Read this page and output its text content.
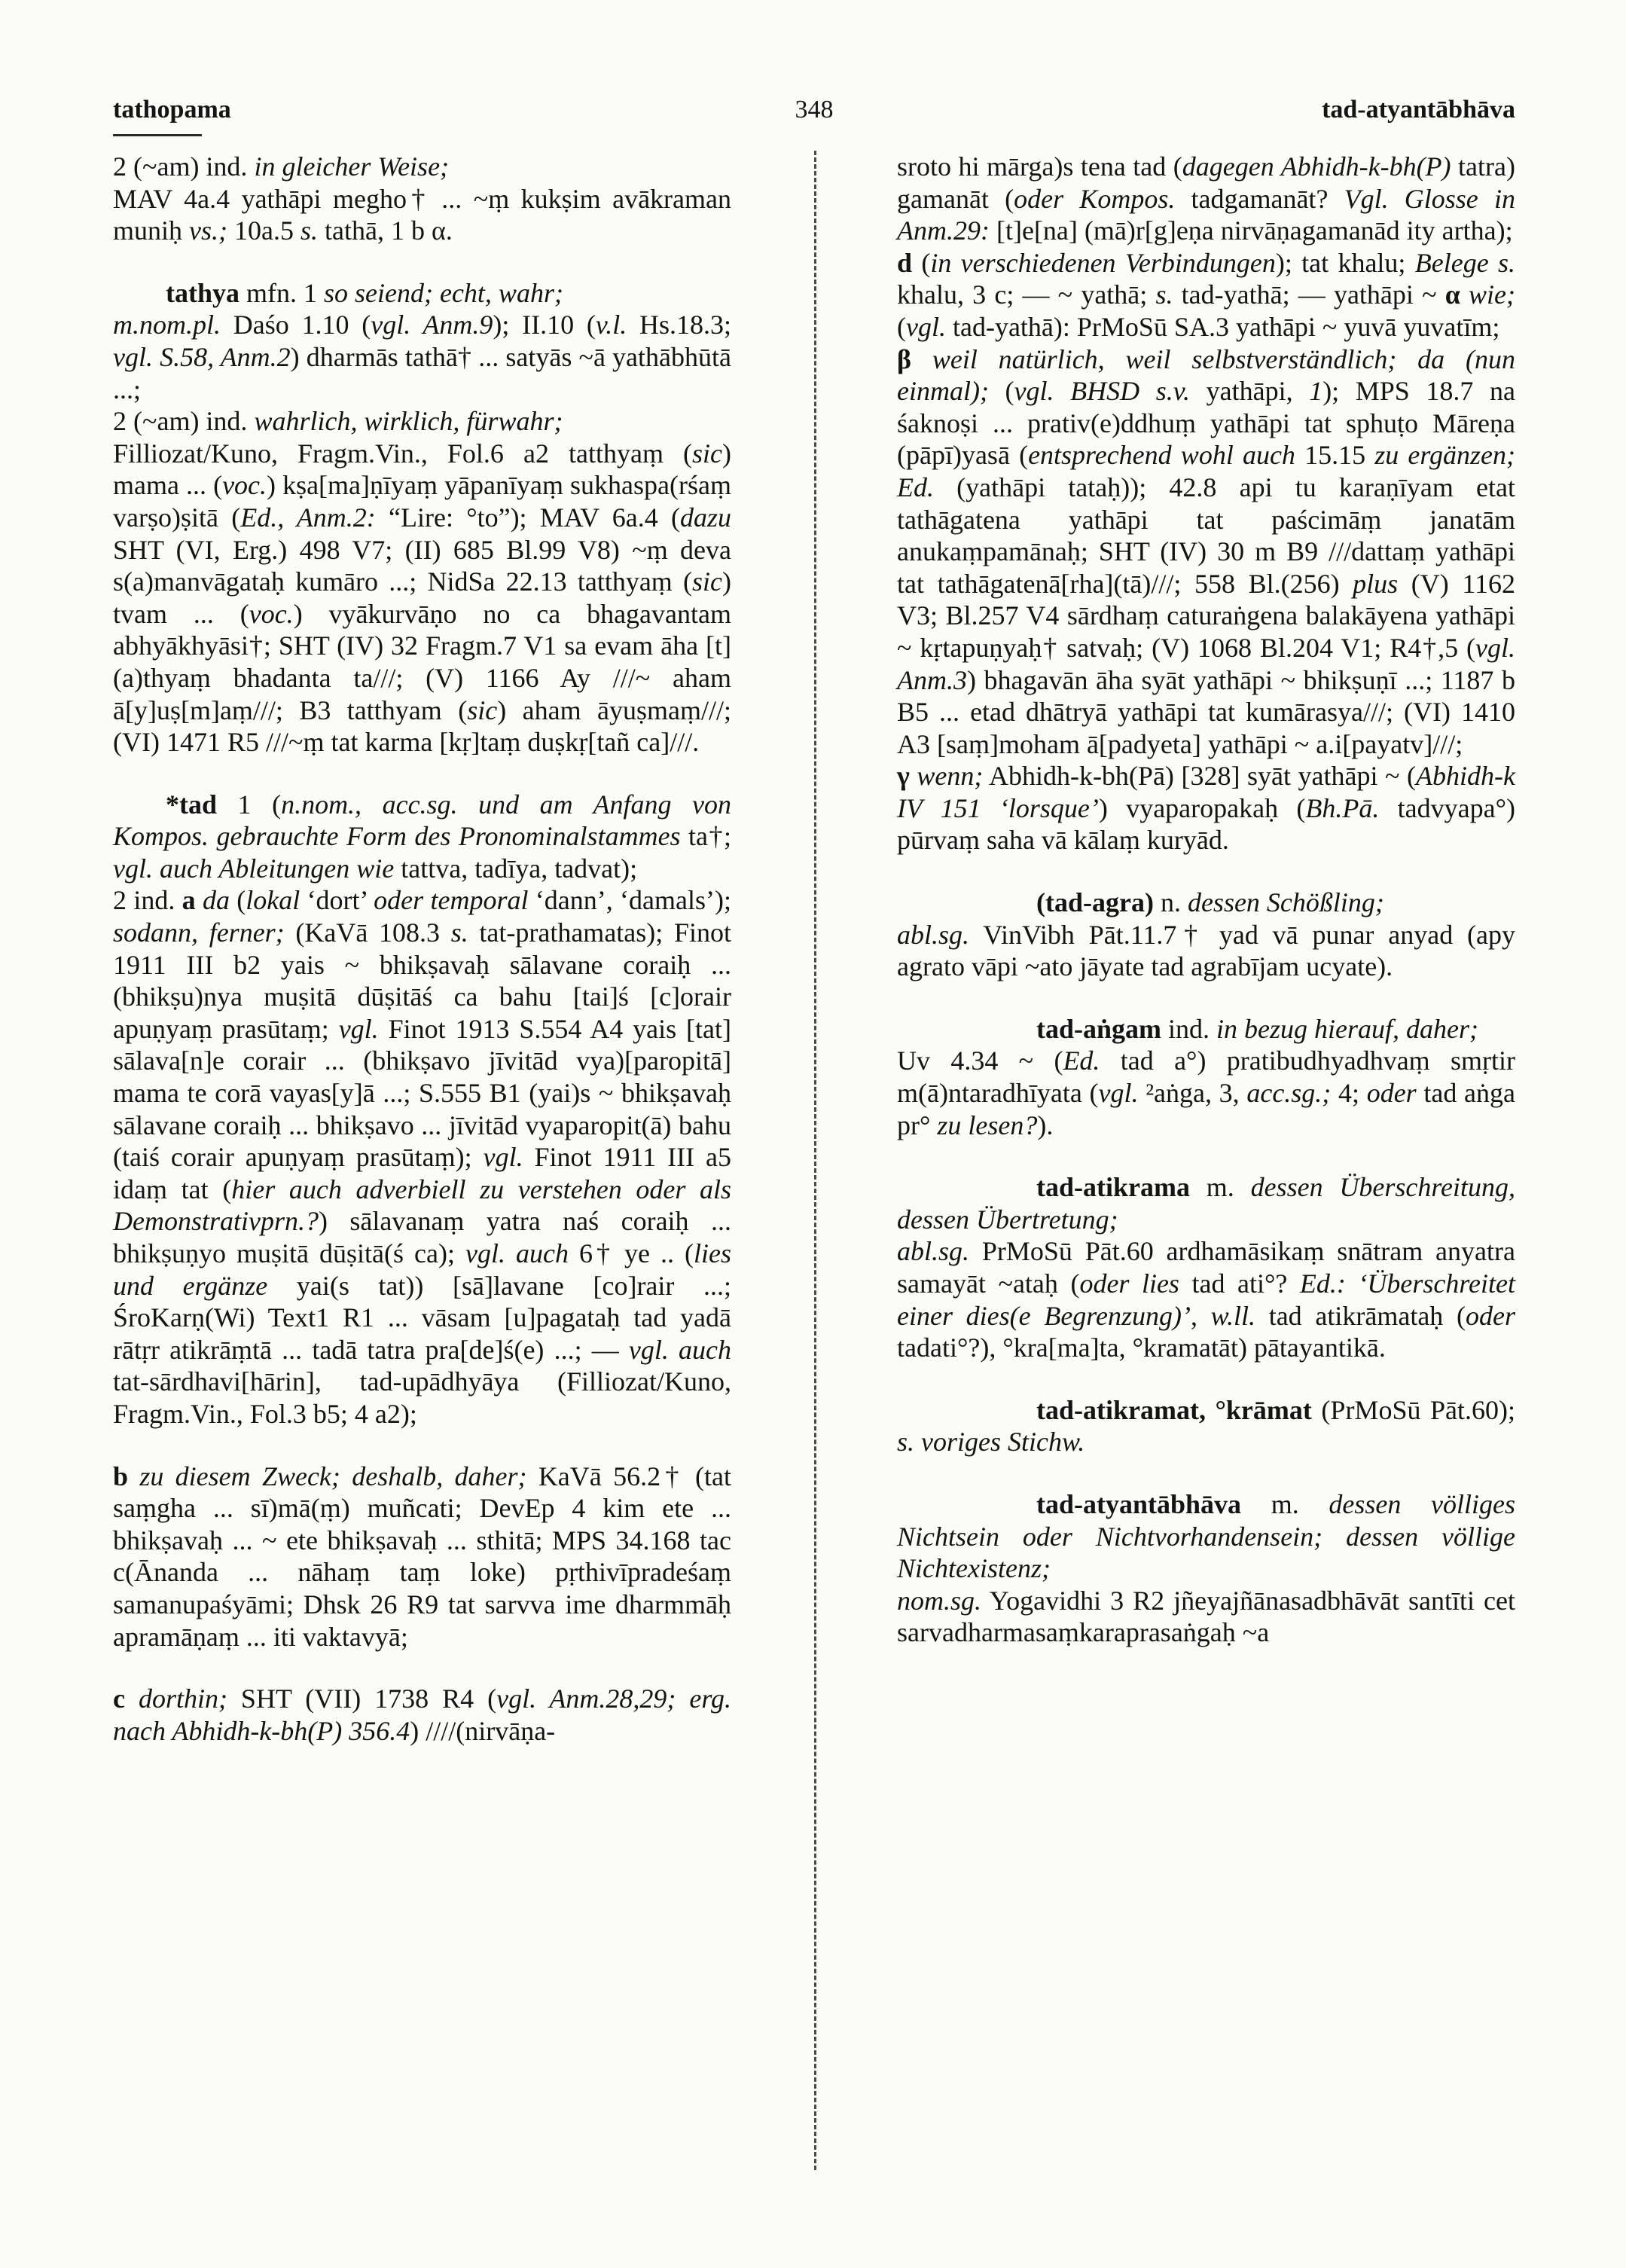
tathopama	348	tad-atyantābhāva

2 (~am) ind. in gleicher Weise;

MAV 4a.4 yathāpi megho† ... ~ṃ kukṣim avākraman muniḥ vs.; 10a.5 s. tathā, 1 b α.

tathya mfn. 1 so seiend; echt, wahr;

m.nom.pl. Daśo 1.10 (vgl. Anm.9); II.10 (v.l. Hs.18.3; vgl. S.58, Anm.2) dharmās tathā† ... satyās ~ā yathābhūtā ...;

2 (~am) ind. wahrlich, wirklich, fürwahr;

Filliozat/Kuno, Fragm.Vin., Fol.6 a2 tatthyaṃ (sic) mama ... (voc.) kṣa[ma]ṇīyaṃ yāpanīyaṃ sukhaspa(rśaṃ varṣo)ṣitā (Ed., Anm.2: “Lire: °to”); MAV 6a.4 (dazu SHT (VI, Erg.) 498 V7; (II) 685 Bl.99 V8) ~ṃ deva s(a)manvāgataḥ kumāro ...; NidSa 22.13 tatthyaṃ (sic) tvam ... (voc.) vyākurvāṇo no ca bhagavantam abhyākhyāsi†; SHT (IV) 32 Fragm.7 V1 sa evam āha [t](a)thyaṃ bhadanta ta///; (V) 1166 Ay ///~ aham ā[y]uṣ[m]aṃ///; B3 tatthyam (sic) aham āyuṣmaṃ///; (VI) 1471 R5 ///~ṃ tat karma [kṛ]taṃ duṣkṛ[tañ ca]///.

*tad 1 (n.nom., acc.sg. und am Anfang von Kompos. gebrauchte Form des Pronominalstammes ta†; vgl. auch Ableitungen wie tattva, tadīya, tadvat);

2 ind. a da (lokal ‘dort’ oder temporal ‘dann’, ‘damals’); sodann, ferner; (KaVā 108.3 s. tat-prathamatas); Finot 1911 III b2 yais ~ bhikṣavaḥ sālavane coraiḥ ... (bhikṣu)nya muṣitā dūṣitāś ca bahu [tai]ś [c]orair apuṇyaṃ prasūtaṃ; vgl. Finot 1913 S.554 A4 yais [tat] sālava[n]e corair ... (bhikṣavo jīvitād vya)[paropitā] mama te corā vayas[y]ā ...; S.555 B1 (yai)s ~ bhikṣavaḥ sālavane coraiḥ ... bhikṣavo ... jīvitād vyaparopit(ā) bahu (taiś corair apuṇyaṃ prasūtaṃ); vgl. Finot 1911 III a5 idaṃ tat (hier auch adverbiell zu verstehen oder als Demonstrativprn.?) sālavanaṃ yatra naś coraiḥ ... bhikṣuṇyo muṣitā dūṣitā(ś ca); vgl. auch 6† ye .. (lies und ergänze yai(s tat)) [sā]lavane [co]rair ...; ŚroKarṇ(Wi) Text1 R1 ... vāsam [u]pagataḥ tad yadā rātṛr atikrāṃtā ... tadā tatra pra[de]ś(e) ...; — vgl. auch tat-sārdhavi[hārin], tad-upādhyāya (Filliozat/Kuno, Fragm.Vin., Fol.3 b5; 4 a2);

b zu diesem Zweck; deshalb, daher; KaVā 56.2† (tat saṃgha ... sī)mā(ṃ) muñcati; DevEp 4 kim ete ... bhikṣavaḥ ... ~ ete bhikṣavaḥ ... sthitā; MPS 34.168 tac c(Ānanda ... nāhaṃ taṃ loke) pṛthivīpradeśaṃ samanupaśyāmi; Dhsk 26 R9 tat sarvva ime dharmmāḥ apramāṇaṃ ... iti vaktavyā;

c dorthin; SHT (VII) 1738 R4 (vgl. Anm.28,29; erg. nach Abhidh-k-bh(P) 356.4) ////(nirvāṇa-

sroto hi mārga)s tena tad (dagegen Abhidh-k-bh(P) tatra) gamanāt (oder Kompos. tadgamanāt? Vgl. Glosse in Anm.29: [t]e[na] (mā)r[g]eṇa nirvāṇagamanād ity artha);

d (in verschiedenen Verbindungen); tat khalu; Belege s. khalu, 3 c; — ~ yathā; s. tad-yathā; — yathāpi ~ α wie; (vgl. tad-yathā): PrMoSū SA.3 yathāpi ~ yuvā yuvatīm;

β weil natürlich, weil selbstverständlich; da (nun einmal); (vgl. BHSD s.v. yathāpi, 1); MPS 18.7 na śaknoṣi ... prativ(e)ddhuṃ yathāpi tat sphuṭo Māreṇa (pāpī)yasā (entsprechend wohl auch 15.15 zu ergänzen; Ed. (yathāpi tataḥ)); 42.8 api tu karaṇīyam etat tathāgatena yathāpi tat paścimāṃ janatām anukaṃpamānaḥ; SHT (IV) 30 m B9 ///dattaṃ yathāpi tat tathāgatenā[rha](tā)///; 558 Bl.(256) plus (V) 1162 V3; Bl.257 V4 sārdhaṃ caturaṅgena balakāyena yathāpi ~ kṛtapuṇyaḥ† satvaḥ; (V) 1068 Bl.204 V1; R4†,5 (vgl. Anm.3) bhagavān āha syāt yathāpi ~ bhikṣuṇī ...; 1187 b B5 ... etad dhātryā yathāpi tat kumārasya///; (VI) 1410 A3 [saṃ]moham ā[padyeta] yathāpi ~ a.i[payatv]///;

γ wenn; Abhidh-k-bh(Pā) [328] syāt yathāpi ~ (Abhidh-k IV 151 ‘lorsque’) vyaparopakaḥ (Bh.Pā. tadvyapa°) pūrvaṃ saha vā kālaṃ kuryād.

(tad-agra) n. dessen Schößling;

abl.sg. VinVibh Pāt.11.7† yad vā punar anyad (apy agrato vāpi ~ato jāyate tad agrabījam ucyate).

tad-aṅgam ind. in bezug hierauf, daher;

Uv 4.34 ~ (Ed. tad a°) pratibudhyadhvaṃ smṛtir m(ā)ntaradhīyata (vgl. ²aṅga, 3, acc.sg.; 4; oder tad aṅga pr° zu lesen?).

tad-atikrama m. dessen Überschreitung, dessen Übertretung;

abl.sg. PrMoSū Pāt.60 ardhamāsikaṃ snātram anyatra samayāt ~ataḥ (oder lies tad ati°? Ed.: ‘Überschreitet einer dies(e Begrenzung)’, w.ll. tad atikrāmataḥ (oder tadati°?), °kra[ma]ta, °kramatāt) pātayantikā.

tad-atikramat, °krāmat (PrMoSū Pāt.60); s. voriges Stichw.

tad-atyantābhāva m. dessen völliges Nichtsein oder Nichtvorhandensein; dessen völlige Nichtexistenz;

nom.sg. Yogavidhi 3 R2 jñeyajñānasadbhāvāt santīti cet sarvadharmasaṃkaraprasaṅgaḥ ~a
